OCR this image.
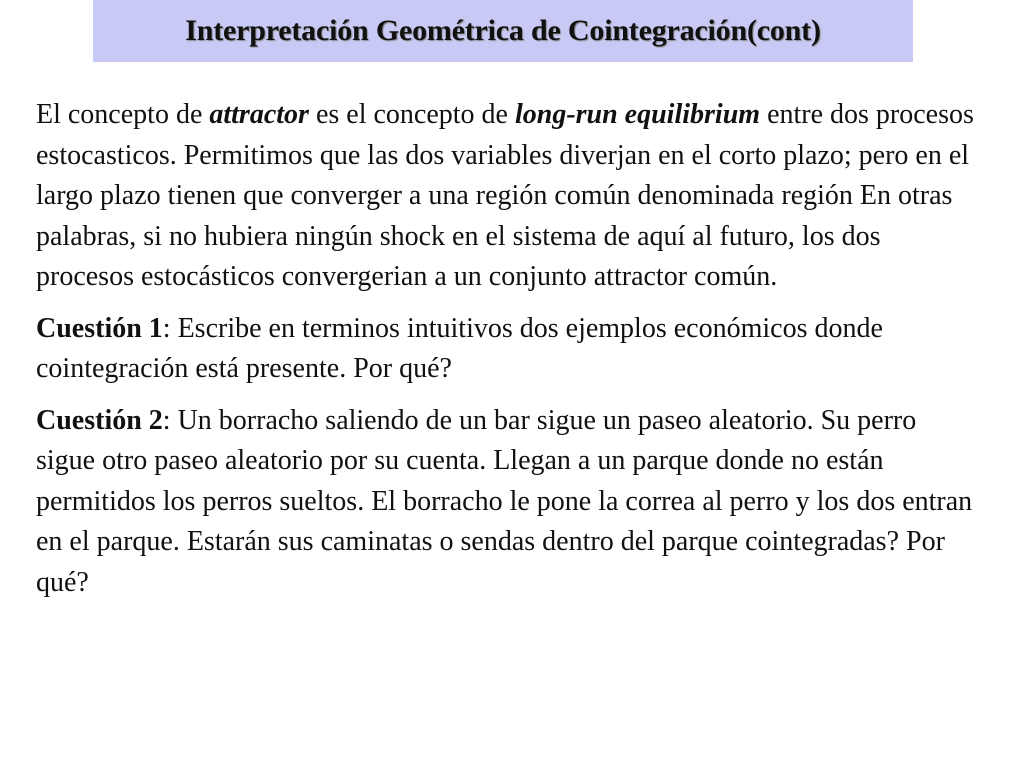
Interpretación Geométrica de Cointegración(cont)

El concepto de attractor es el concepto de long-run equilibrium entre dos procesos estocasticos. Permitimos que las dos variables diverjan en el corto plazo; pero en el largo plazo tienen que converger a una región común denominada región En otras palabras, si no hubiera ningún shock en el sistema de aquí al futuro, los dos procesos estocásticos convergerian a un conjunto attractor común.

Cuestión 1: Escribe en terminos intuitivos dos ejemplos económicos donde cointegración está presente. Por qué?

Cuestión 2: Un borracho saliendo de un bar sigue un paseo aleatorio. Su perro sigue otro paseo aleatorio por su cuenta. Llegan a un parque donde no están permitidos los perros sueltos. El borracho le pone la correa al perro y los dos entran en el parque. Estarán sus caminatas o sendas dentro del parque cointegradas? Por qué?
